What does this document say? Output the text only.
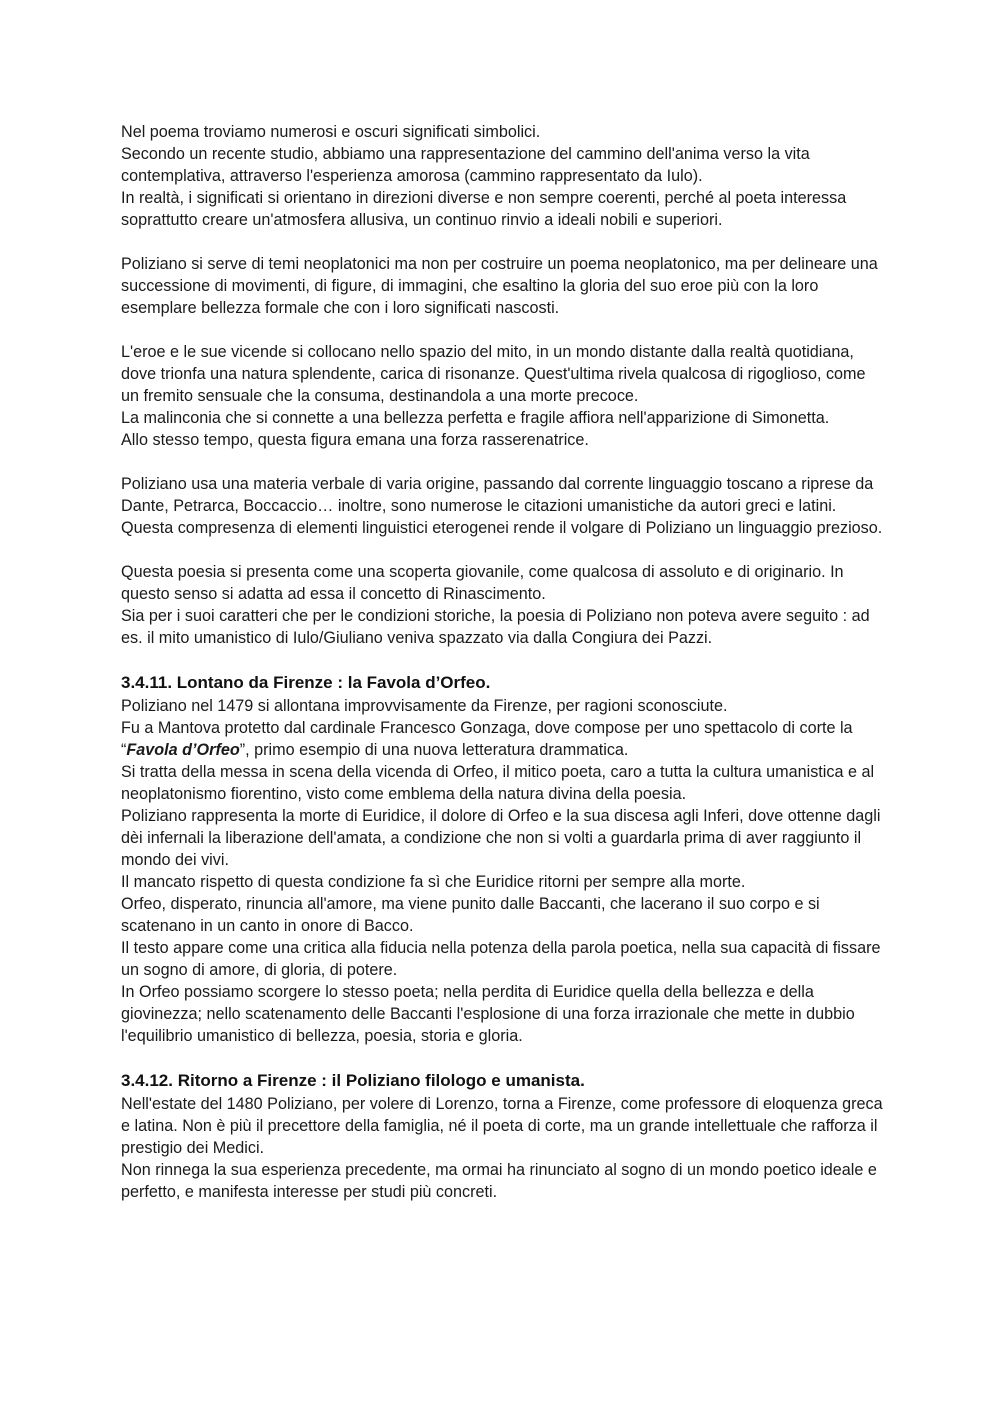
Nel poema troviamo numerosi e oscuri significati simbolici.
Secondo un recente studio, abbiamo una rappresentazione del cammino dell'anima verso la vita contemplativa, attraverso l'esperienza amorosa (cammino rappresentato da Iulo).
In realtà, i significati si orientano in direzioni diverse e non sempre coerenti, perché al poeta interessa soprattutto creare un'atmosfera allusiva, un continuo rinvio a ideali nobili e superiori.
Poliziano si serve di temi neoplatonici ma non per costruire un poema neoplatonico, ma per delineare una successione di movimenti, di figure, di immagini, che esaltino la gloria del suo eroe più con la loro esemplare bellezza formale che con i loro significati nascosti.
L'eroe e le sue vicende si collocano nello spazio del mito, in un mondo distante dalla realtà quotidiana, dove trionfa una natura splendente, carica di risonanze. Quest'ultima rivela qualcosa di rigoglioso, come un fremito sensuale che la consuma, destinandola a una morte precoce.
La malinconia che si connette a una bellezza perfetta e fragile affiora nell'apparizione di Simonetta.
Allo stesso tempo, questa figura emana una forza rasserenatrice.
Poliziano usa una materia verbale di varia origine, passando dal corrente linguaggio toscano a riprese da Dante, Petrarca, Boccaccio… inoltre, sono numerose le citazioni umanistiche da autori greci e latini.
Questa compresenza di elementi linguistici eterogenei rende il volgare di Poliziano un linguaggio prezioso.
Questa poesia si presenta come una scoperta giovanile, come qualcosa di assoluto e di originario. In questo senso si adatta ad essa il concetto di Rinascimento.
Sia per i suoi caratteri che per le condizioni storiche, la poesia di Poliziano non poteva avere seguito : ad es. il mito umanistico di Iulo/Giuliano veniva spazzato via dalla Congiura dei Pazzi.
3.4.11. Lontano da Firenze : la Favola d’Orfeo.
Poliziano nel 1479 si allontana improvvisamente da Firenze, per ragioni sconosciute.
Fu a Mantova protetto dal cardinale Francesco Gonzaga, dove compose per uno spettacolo di corte la “Favola d’Orfeo”, primo esempio di una nuova letteratura drammatica.
Si tratta della messa in scena della vicenda di Orfeo, il mitico poeta, caro a tutta la cultura umanistica e al neoplatonismo fiorentino, visto come emblema della natura divina della poesia.
Poliziano rappresenta la morte di Euridice, il dolore di Orfeo e la sua discesa agli Inferi, dove ottenne dagli dèi infernali la liberazione dell'amata, a condizione che non si volti a guardarla prima di aver raggiunto il mondo dei vivi.
Il mancato rispetto di questa condizione fa sì che Euridice ritorni per sempre alla morte.
Orfeo, disperato, rinuncia all'amore, ma viene punito dalle Baccanti, che lacerano il suo corpo e si scatenano in un canto in onore di Bacco.
Il testo appare come una critica alla fiducia nella potenza della parola poetica, nella sua capacità di fissare un sogno di amore, di gloria, di potere.
In Orfeo possiamo scorgere lo stesso poeta; nella perdita di Euridice quella della bellezza e della giovinezza; nello scatenamento delle Baccanti l'esplosione di una forza irrazionale che mette in dubbio l'equilibrio umanistico di bellezza, poesia, storia e gloria.
3.4.12. Ritorno a Firenze : il Poliziano filologo e umanista.
Nell'estate del 1480 Poliziano, per volere di Lorenzo, torna a Firenze, come professore di eloquenza greca e latina. Non è più il precettore della famiglia, né il poeta di corte, ma un grande intellettuale che rafforza il prestigio dei Medici.
Non rinnega la sua esperienza precedente, ma ormai ha rinunciato al sogno di un mondo poetico ideale e perfetto, e manifesta interesse per studi più concreti.
